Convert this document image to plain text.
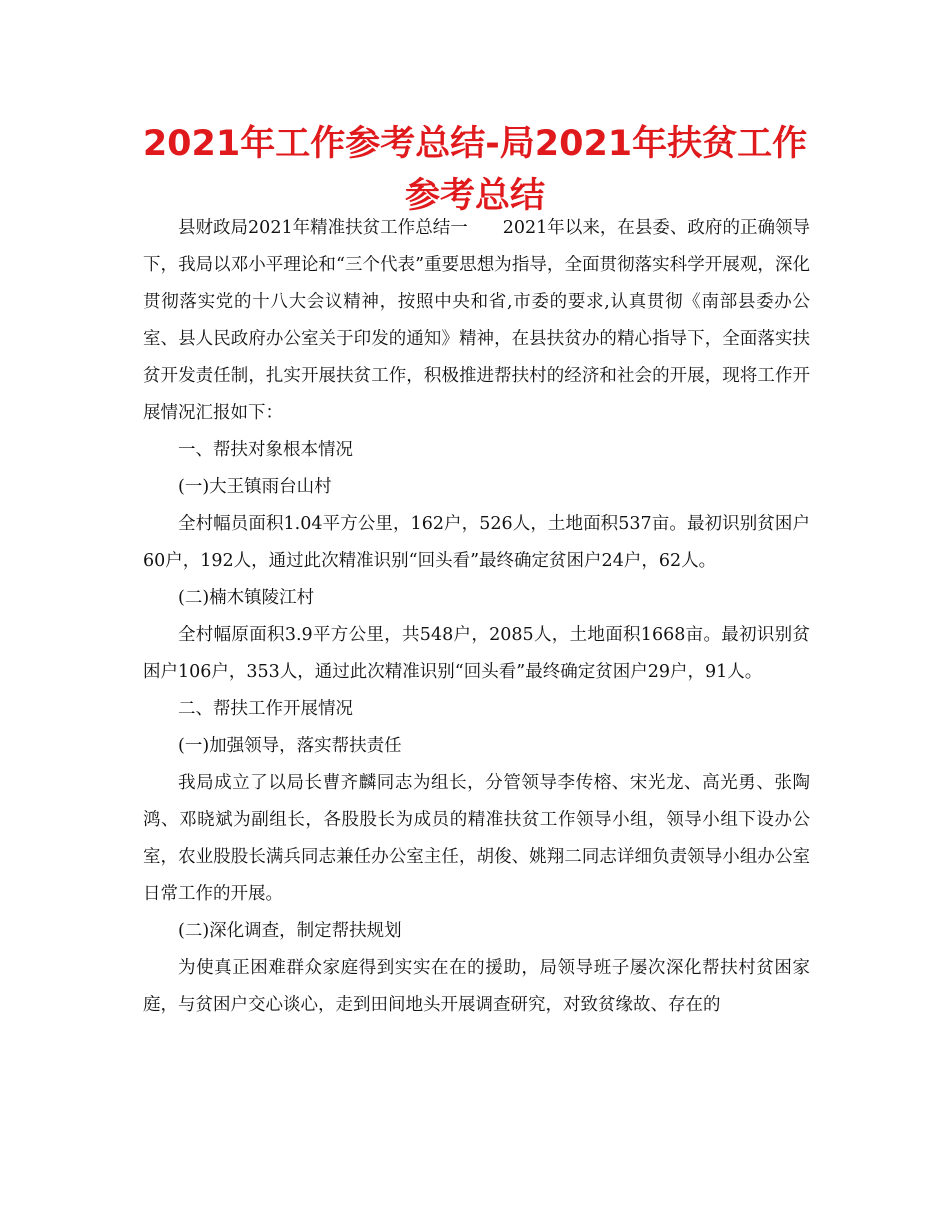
2021年工作参考总结-局2021年扶贫工作参考总结

县财政局2021年精准扶贫工作总结一　　2021年以来，在县委、政府的正确领导下，我局以邓小平理论和“三个代表”重要思想为指导，全面贯彻落实科学开展观，深化贯彻落实党的十八大会议精神，按照中央和省,市委的要求,认真贯彻《南部县委办公室、县人民政府办公室关于印发的通知》精神，在县扶贫办的精心指导下，全面落实扶贫开发责任制，扎实开展扶贫工作，积极推进帮扶村的经济和社会的开展，现将工作开展情况汇报如下：

一、帮扶对象根本情况

(一)大王镇雨台山村

全村幅员面积1.04平方公里，162户，526人，土地面积537亩。最初识别贫困户60户，192人，通过此次精准识别“回头看”最终确定贫困户24户，62人。

(二)楠木镇陵江村

全村幅原面积3.9平方公里，共548户，2085人，土地面积1668亩。最初识别贫困户106户，353人，通过此次精准识别“回头看”最终确定贫困户29户，91人。

二、帮扶工作开展情况

(一)加强领导，落实帮扶责任

我局成立了以局长曹齐麟同志为组长，分管领导李传榕、宋光龙、高光勇、张陶鸿、邓晓斌为副组长，各股股长为成员的精准扶贫工作领导小组，领导小组下设办公室，农业股股长满兵同志兼任办公室主任，胡俊、姚翔二同志详细负责领导小组办公室日常工作的开展。

(二)深化调查，制定帮扶规划

为使真正困难群众家庭得到实实在在的援助，局领导班子屡次深化帮扶村贫困家庭，与贫困户交心谈心，走到田间地头开展调查研究，对致贫缘故、存在的
